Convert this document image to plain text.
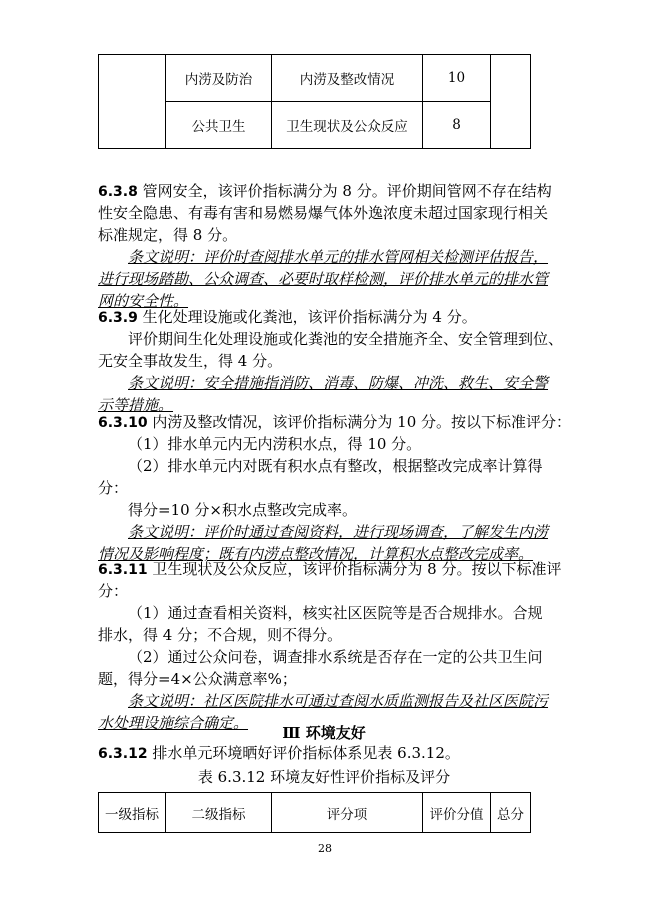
	内涝及防治	内涝及整改情况	10	
	公共卫生	卫生现状及公众反应	8	
6.3.8 管网安全，该评价指标满分为 8 分。评价期间管网不存在结构
性安全隐患、有毒有害和易燃易爆气体外逸浓度未超过国家现行相关
标准规定，得 8 分。
条文说明：评价时查阅排水单元的排水管网相关检测评估报告，
进行现场踏勘、公众调查、必要时取样检测，评价排水单元的排水管
网的安全性。
6.3.9 生化处理设施或化粪池，该评价指标满分为 4 分。
评价期间生化处理设施或化粪池的安全措施齐全、安全管理到位、
无安全事故发生，得 4 分。
条文说明：安全措施指消防、消毒、防爆、冲洗、救生、安全警
示等措施。
6.3.10 内涝及整改情况，该评价指标满分为 10 分。按以下标准评分：
（1）排水单元内无内涝积水点，得 10 分。
（2）排水单元内对既有积水点有整改，根据整改完成率计算得
分：
得分=10 分×积水点整改完成率。
条文说明：评价时通过查阅资料，进行现场调查，了解发生内涝
情况及影响程度；既有内涝点整改情况，计算积水点整改完成率。
6.3.11 卫生现状及公众反应，该评价指标满分为 8 分。按以下标准评
分：
（1）通过查看相关资料，核实社区医院等是否合规排水。合规
排水，得 4 分；不合规，则不得分。
（2）通过公众问卷，调查排水系统是否存在一定的公共卫生问
题，得分=4×公众满意率%；
条文说明：社区医院排水可通过查阅水质监测报告及社区医院污
水处理设施综合确定。
Ⅲ 环境友好
6.3.12 排水单元环境晒好评价指标体系见表 6.3.12。
表 6.3.12 环境友好性评价指标及评分
一级指标	二级指标	评分项	评价分值	总分
28
